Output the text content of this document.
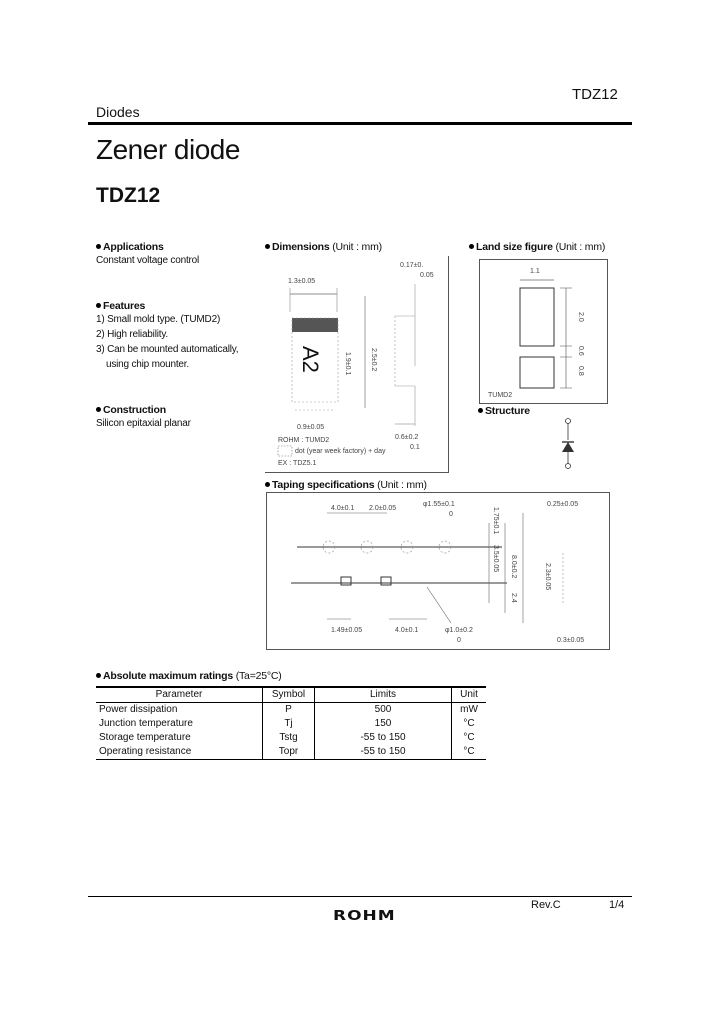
TDZ12
Diodes
Zener diode
TDZ12
Applications
Constant voltage control
Features
1) Small mold type. (TUMD2)
2) High reliability.
3) Can be mounted automatically,
using chip mounter.
Construction
Silicon epitaxial planar
Dimensions (Unit : mm)
A2
1.3±0.05
0.17±0.
0.05
1.9±0.1	2.5±0.2
0.9±0.05
0.6±0.2
0.1
ROHM : TUMD2
dot (year week factory) + day
EX : TDZ5.1
Land size figure (Unit : mm)
1.1
2.0
0.6
0.8
TUMD2
Structure
Taping specifications (Unit : mm)
4.0±0.1 2.0±0.05
φ1.55±0.1
0	1.75±0.1
3.5±0.05 8.0±0.2
2.4
2.3±0.05
0.25±0.05
1.49±0.05	4.0±0.1	φ1.0±0.2
0	0.3±0.05
Absolute maximum ratings (Ta=25°C)
Parameter	Symbol	Limits	Unit
Power dissipation	P	500	mW
Junction temperature	Tj	150	°C
Storage temperature	Tstg	-55 to 150	°C
Operating resistance	Topr	-55 to 150	°C
ROHM
Rev.C	1/4
